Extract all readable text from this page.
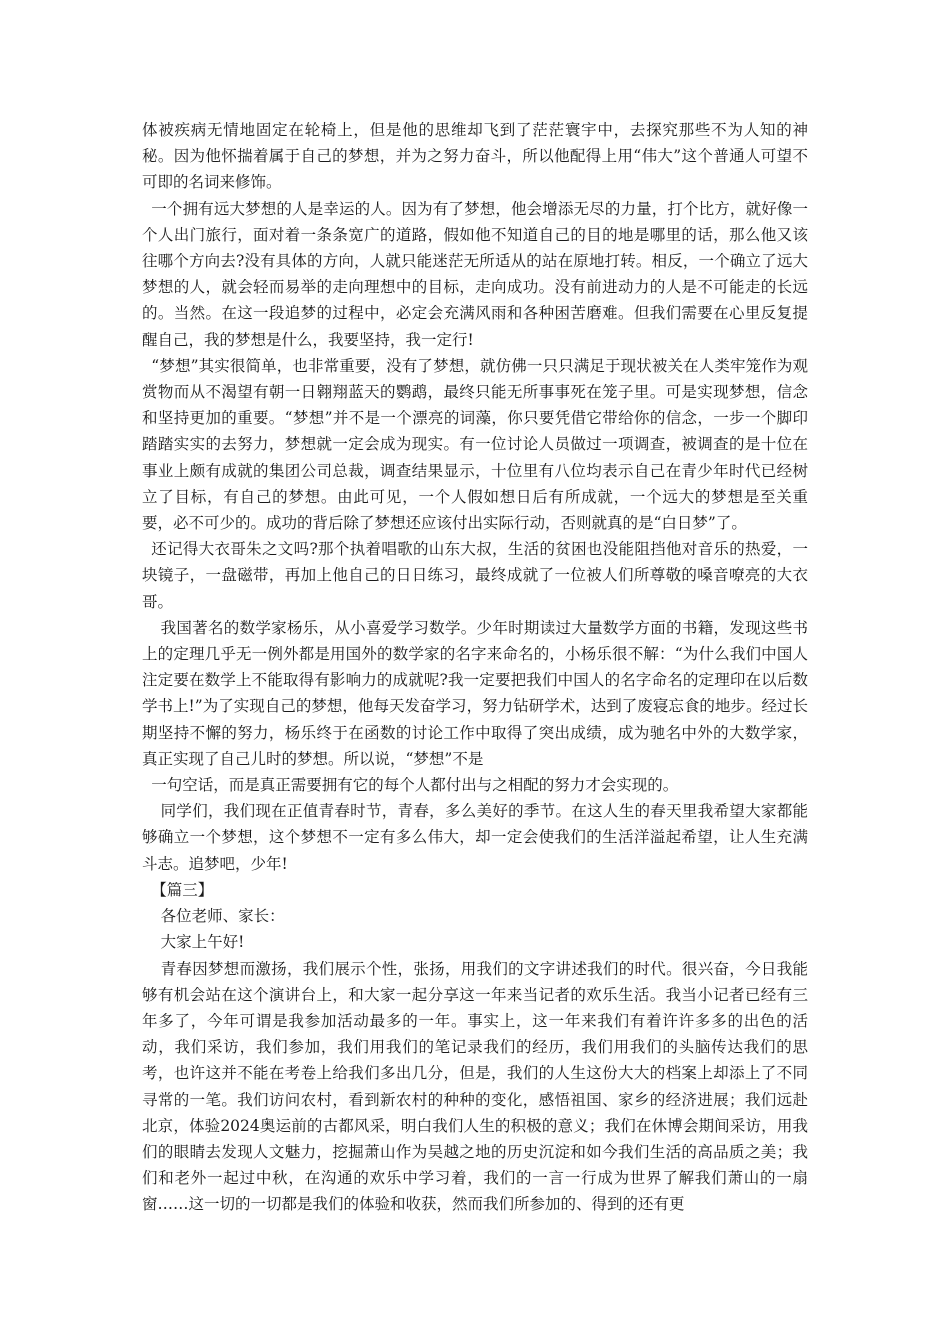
体被疾病无情地固定在轮椅上，但是他的思维却飞到了茫茫寰宇中，去探究那些不为人知的神秘。因为他怀揣着属于自己的梦想，并为之努力奋斗，所以他配得上用“伟大”这个普通人可望不可即的名词来修饰。

一个拥有远大梦想的人是幸运的人。因为有了梦想，他会增添无尽的力量，打个比方，就好像一个人出门旅行，面对着一条条宽广的道路，假如他不知道自己的目的地是哪里的话，那么他又该往哪个方向去?没有具体的方向，人就只能迷茫无所适从的站在原地打转。相反，一个确立了远大梦想的人，就会轻而易举的走向理想中的目标，走向成功。没有前进动力的人是不可能走的长远的。当然。在这一段追梦的过程中，必定会充满风雨和各种困苦磨难。但我们需要在心里反复提醒自己，我的梦想是什么，我要坚持，我一定行!

“梦想”其实很简单，也非常重要，没有了梦想，就仿佛一只只满足于现状被关在人类牢笼作为观赏物而从不渴望有朝一日翱翔蓝天的鹦鹉，最终只能无所事事死在笼子里。可是实现梦想，信念和坚持更加的重要。“梦想”并不是一个漂亮的词藻，你只要凭借它带给你的信念，一步一个脚印踏踏实实的去努力，梦想就一定会成为现实。有一位讨论人员做过一项调查，被调查的是十位在事业上颇有成就的集团公司总裁，调查结果显示，十位里有八位均表示自己在青少年时代已经树立了目标，有自己的梦想。由此可见，一个人假如想日后有所成就，一个远大的梦想是至关重要，必不可少的。成功的背后除了梦想还应该付出实际行动，否则就真的是“白日梦”了。

还记得大衣哥朱之文吗?那个执着唱歌的山东大叔，生活的贫困也没能阻挡他对音乐的热爱，一块镜子，一盘磁带，再加上他自己的日日练习，最终成就了一位被人们所尊敬的嗓音嘹亮的大衣哥。

我国著名的数学家杨乐，从小喜爱学习数学。少年时期读过大量数学方面的书籍，发现这些书上的定理几乎无一例外都是用国外的数学家的名字来命名的，小杨乐很不解：“为什么我们中国人注定要在数学上不能取得有影响力的成就呢?我一定要把我们中国人的名字命名的定理印在以后数学书上!”为了实现自己的梦想，他每天发奋学习，努力钻研学术，达到了废寝忘食的地步。经过长期坚持不懈的努力，杨乐终于在函数的讨论工作中取得了突出成绩，成为驰名中外的大数学家，真正实现了自己儿时的梦想。所以说，“梦想”不是

一句空话，而是真正需要拥有它的每个人都付出与之相配的努力才会实现的。

同学们，我们现在正值青春时节，青春，多么美好的季节。在这人生的春天里我希望大家都能够确立一个梦想，这个梦想不一定有多么伟大，却一定会使我们的生活洋溢起希望，让人生充满斗志。追梦吧，少年!

【篇三】

各位老师、家长：

大家上午好!

青春因梦想而激扬，我们展示个性，张扬，用我们的文字讲述我们的时代。很兴奋，今日我能够有机会站在这个演讲台上，和大家一起分享这一年来当记者的欢乐生活。我当小记者已经有三年多了，今年可谓是我参加活动最多的一年。事实上，这一年来我们有着许许多多的出色的活动，我们采访，我们参加，我们用我们的笔记录我们的经历，我们用我们的头脑传达我们的思考，也许这并不能在考卷上给我们多出几分，但是，我们的人生这份大大的档案上却添上了不同寻常的一笔。我们访问农村，看到新农村的种种的变化，感悟祖国、家乡的经济进展；我们远赴北京，体验2024奥运前的古都风采，明白我们人生的积极的意义；我们在休博会期间采访，用我们的眼睛去发现人文魅力，挖掘萧山作为吴越之地的历史沉淀和如今我们生活的高品质之美；我们和老外一起过中秋，在沟通的欢乐中学习着，我们的一言一行成为世界了解我们萧山的一扇窗……这一切的一切都是我们的体验和收获，然而我们所参加的、得到的还有更
